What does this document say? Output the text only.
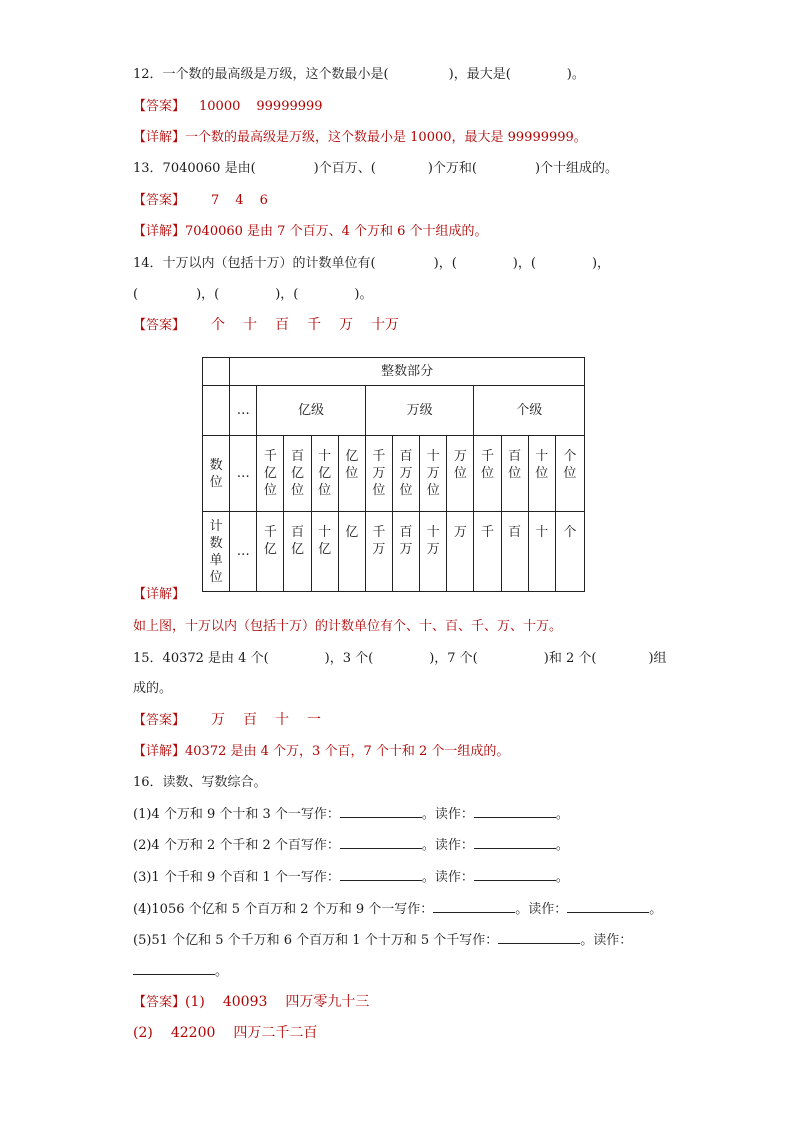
12．一个数的最高级是万级，这个数最小是(	)，最大是(	)。
【答案】 10000 99999999
【详解】一个数的最高级是万级，这个数最小是 10000，最大是 99999999。
13．7040060 是由(	)个百万、(	)个万和(	)个十组成的。
【答案】 7 4 6
【详解】7040060 是由 7 个百万、4 个万和 6 个十组成的。
14．十万以内（包括十万）的计数单位有(	)，(	)，(	)，
(	)，(	)，(	)。
【答案】 个 十 百 千 万 十万
	整数部分												
	…	亿级				万级				个级			
数位	…	千亿位	百亿位	十亿位	亿位	千万位	百万位	十万位	万位	千位	百位	十位	个位
计数单位	…	千亿	百亿	十亿	亿	千万	百万	十万	万	千	百	十	个
【详解】
如上图，十万以内（包括十万）的计数单位有个、十、百、千、万、十万。
15．40372 是由 4 个(	)，3 个(	)，7 个(	)和 2 个(	)组
成的。
【答案】 万 百 十 一
【详解】40372 是由 4 个万，3 个百，7 个十和 2 个一组成的。
16．读数、写数综合。
(1)4 个万和 9 个十和 3 个一写作：	。读作：	。
(2)4 个万和 2 个千和 2 个百写作：	。读作：	。
(3)1 个千和 9 个百和 1 个一写作：	。读作：	。
(4)1056 个亿和 5 个百万和 2 个万和 9 个一写作：	。读作：	。
(5)51 个亿和 5 个千万和 6 个百万和 1 个十万和 5 个千写作：	。读作：
。
【答案】(1) 40093 四万零九十三
(2) 42200 四万二千二百
